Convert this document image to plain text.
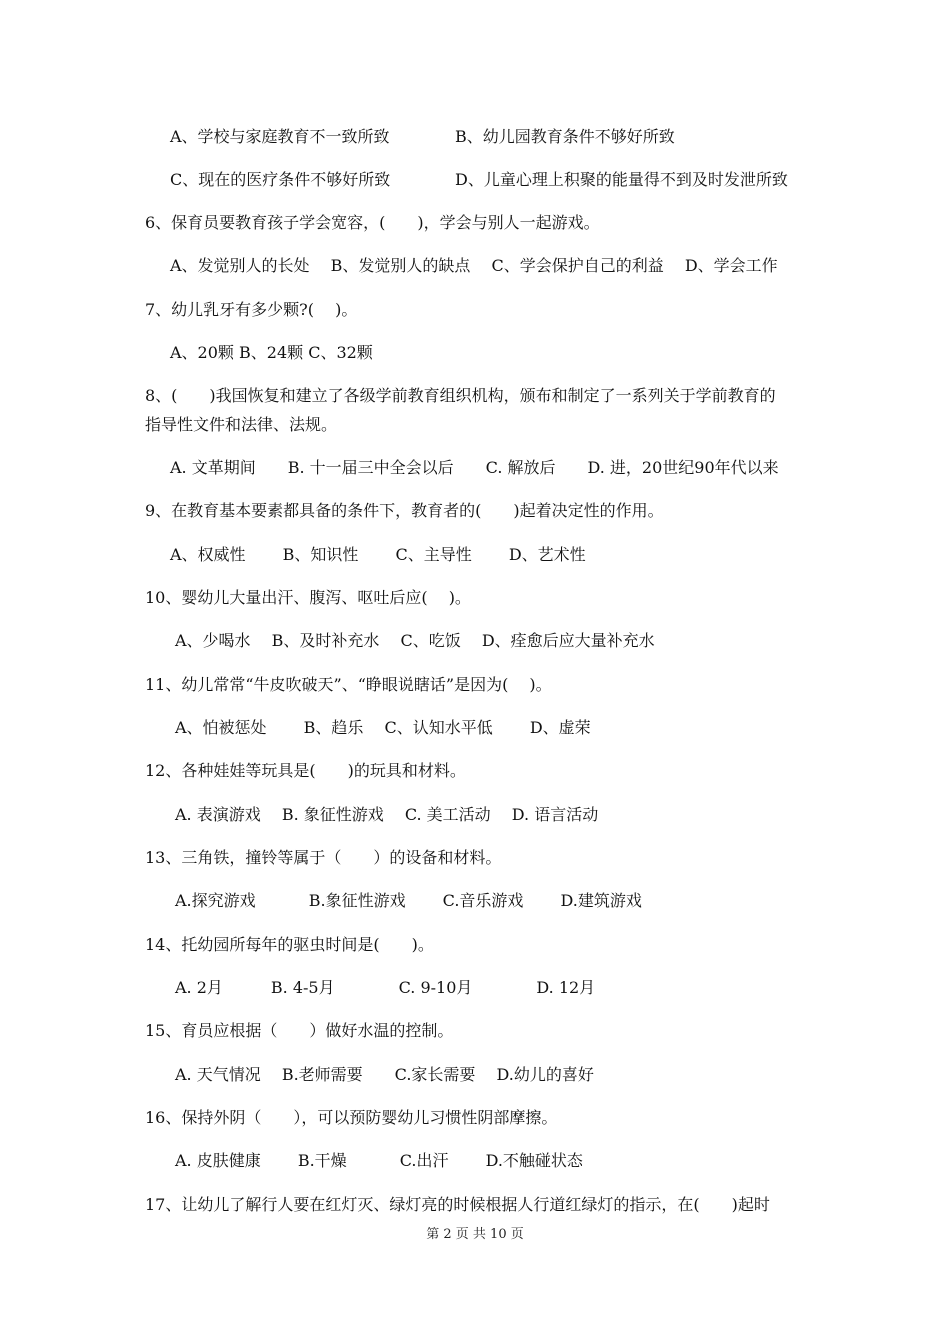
A、学校与家庭教育不一致所致	B、幼儿园教育条件不够好所致
C、现在的医疗条件不够好所致	D、儿童心理上积聚的能量得不到及时发泄所致
6、保育员要教育孩子学会宽容，(　　)，学会与别人一起游戏。
A、发觉别人的长处　 B、发觉别人的缺点　 C、学会保护自己的利益　 D、学会工作
7、幼儿乳牙有多少颗?(　 )。
A、20颗 B、24颗 C、32颗
8、(　　)我国恢复和建立了各级学前教育组织机构，颁布和制定了一系列关于学前教育的
指导性文件和法律、法规。
A. 文革期间　　B. 十一届三中全会以后　　C. 解放后　　D. 进，20世纪90年代以来
9、在教育基本要素都具备的条件下，教育者的(　　)起着决定性的作用。
A、权威性　　 B、知识性　　 C、主导性　　 D、艺术性
10、婴幼儿大量出汗、腹泻、呕吐后应(　 )。
A、少喝水　 B、及时补充水　 C、吃饭　 D、痊愈后应大量补充水
11、幼儿常常“牛皮吹破天”、“睁眼说瞎话”是因为(　 )。
A、怕被惩处　　 B、趋乐　 C、认知水平低　　 D、虚荣
12、各种娃娃等玩具是(　　)的玩具和材料。
A. 表演游戏　 B. 象征性游戏　 C. 美工活动　 D. 语言活动
13、三角铁，撞铃等属于（　　）的设备和材料。
A.探究游戏　　　 B.象征性游戏　　 C.音乐游戏　　 D.建筑游戏
14、托幼园所每年的驱虫时间是(　　)。
A. 2月　　　B. 4-5月　　　　C. 9-10月　　　　D. 12月
15、育员应根据（　　）做好水温的控制。
A. 天气情况　 B.老师需要　　C.家长需要　 D.幼儿的喜好
16、保持外阴（　　），可以预防婴幼儿习惯性阴部摩擦。
A. 皮肤健康　　 B.干燥　　　 C.出汗　　 D.不触碰状态
17、让幼儿了解行人要在红灯灭、绿灯亮的时候根据人行道红绿灯的指示，在(　　)起时
第 2 页 共 10 页
